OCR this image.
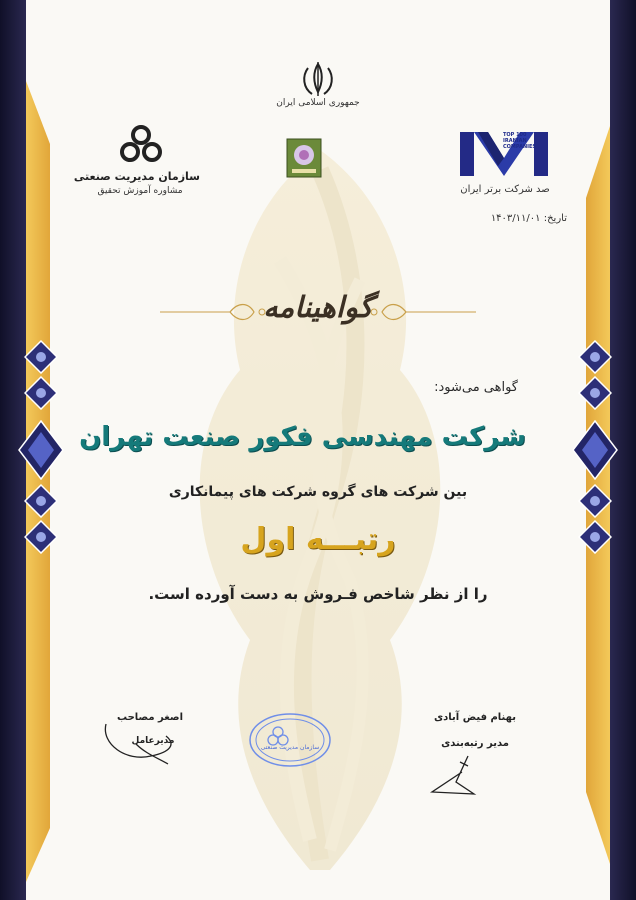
جمهوری اسلامی ایران
سازمان مدیریت صنعتی
مشاوره آموزش تحقیق
TOP 100 IRANIAN COMPANIES
صد شرکت برتر ایران
تاریخ: ۱۴۰۳/۱۱/۰۱
گواهینامه
گواهی می‌شود:
شرکت مهندسی فکور صنعت تهران
بین شرکت های گروه شرکت های پیمانکاری
رتبـــه اول
را از نظر شاخص فـروش به دست آورده است.
بهنام فیض آبادی
مدیر رتبه‌بندی
اصغر مصاحب
مدیرعامل
سازمان مدیریت صنعتی
